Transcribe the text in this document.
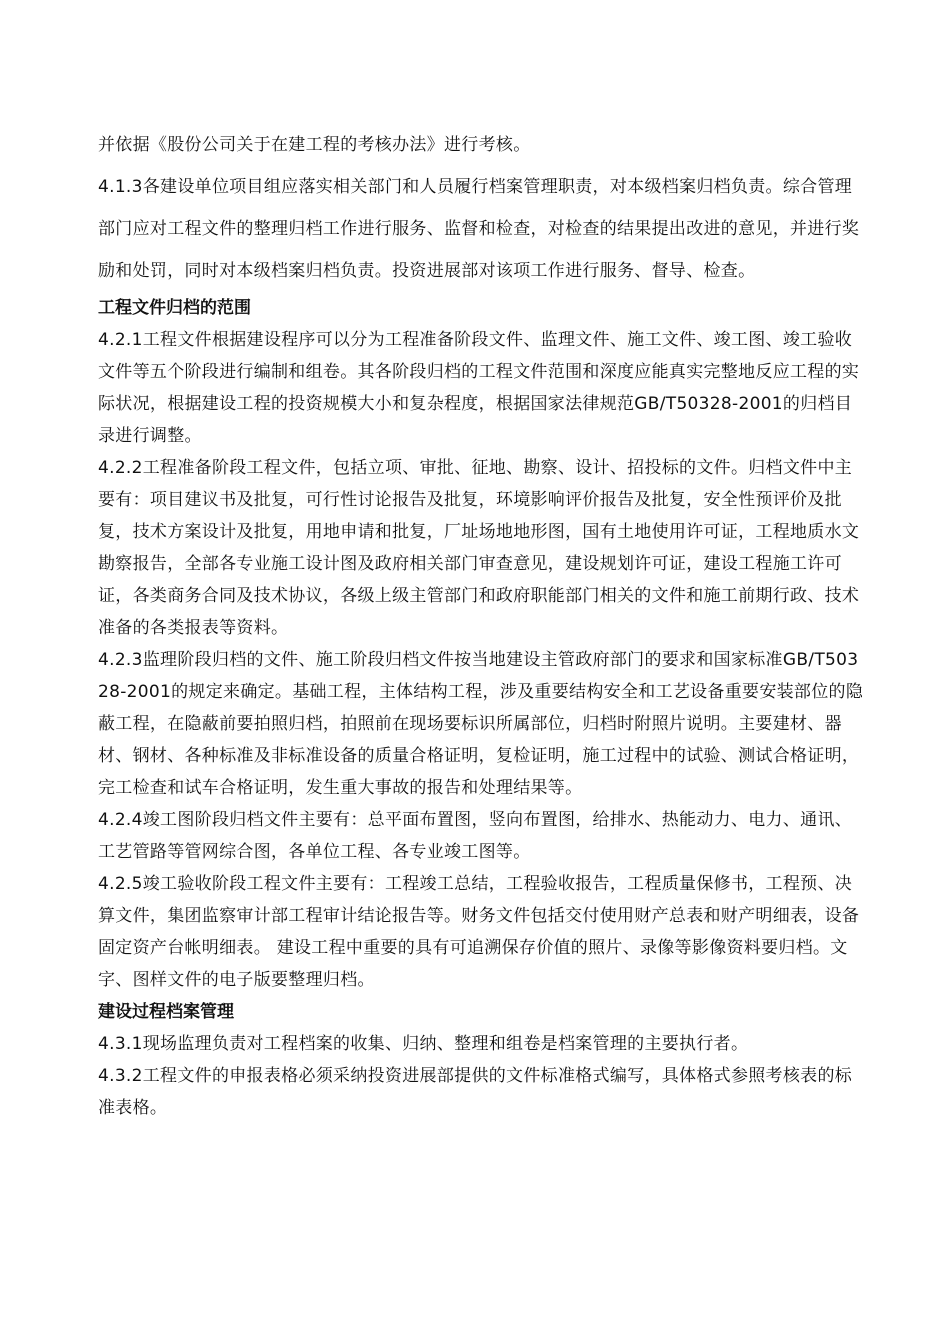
并依据《股份公司关于在建工程的考核办法》进行考核。

4.1.3各建设单位项目组应落实相关部门和人员履行档案管理职责，对本级档案归档负责。综合管理部门应对工程文件的整理归档工作进行服务、监督和检查，对检查的结果提出改进的意见，并进行奖励和处罚，同时对本级档案归档负责。投资进展部对该项工作进行服务、督导、检查。

工程文件归档的范围

4.2.1工程文件根据建设程序可以分为工程准备阶段文件、监理文件、施工文件、竣工图、竣工验收文件等五个阶段进行编制和组卷。其各阶段归档的工程文件范围和深度应能真实完整地反应工程的实际状况，根据建设工程的投资规模大小和复杂程度，根据国家法律规范GB/T50328-2001的归档目录进行调整。

4.2.2工程准备阶段工程文件，包括立项、审批、征地、勘察、设计、招投标的文件。归档文件中主要有：项目建议书及批复，可行性讨论报告及批复，环境影响评价报告及批复，安全性预评价及批复，技术方案设计及批复，用地申请和批复，厂址场地地形图，国有土地使用许可证，工程地质水文勘察报告，全部各专业施工设计图及政府相关部门审查意见，建设规划许可证，建设工程施工许可证，各类商务合同及技术协议，各级上级主管部门和政府职能部门相关的文件和施工前期行政、技术准备的各类报表等资料。

4.2.3监理阶段归档的文件、施工阶段归档文件按当地建设主管政府部门的要求和国家标准GB/T50328-2001的规定来确定。基础工程，主体结构工程，涉及重要结构安全和工艺设备重要安装部位的隐蔽工程，在隐蔽前要拍照归档，拍照前在现场要标识所属部位，归档时附照片说明。主要建材、器材、钢材、各种标准及非标准设备的质量合格证明，复检证明，施工过程中的试验、测试合格证明，完工检查和试车合格证明，发生重大事故的报告和处理结果等。

4.2.4竣工图阶段归档文件主要有：总平面布置图，竖向布置图，给排水、热能动力、电力、通讯、工艺管路等管网综合图，各单位工程、各专业竣工图等。

4.2.5竣工验收阶段工程文件主要有：工程竣工总结，工程验收报告，工程质量保修书，工程预、决算文件，集团监察审计部工程审计结论报告等。财务文件包括交付使用财产总表和财产明细表，设备固定资产台帐明细表。 建设工程中重要的具有可追溯保存价值的照片、录像等影像资料要归档。文字、图样文件的电子版要整理归档。

建设过程档案管理

4.3.1现场监理负责对工程档案的收集、归纳、整理和组卷是档案管理的主要执行者。

4.3.2工程文件的申报表格必须采纳投资进展部提供的文件标准格式编写，具体格式参照考核表的标准表格。
